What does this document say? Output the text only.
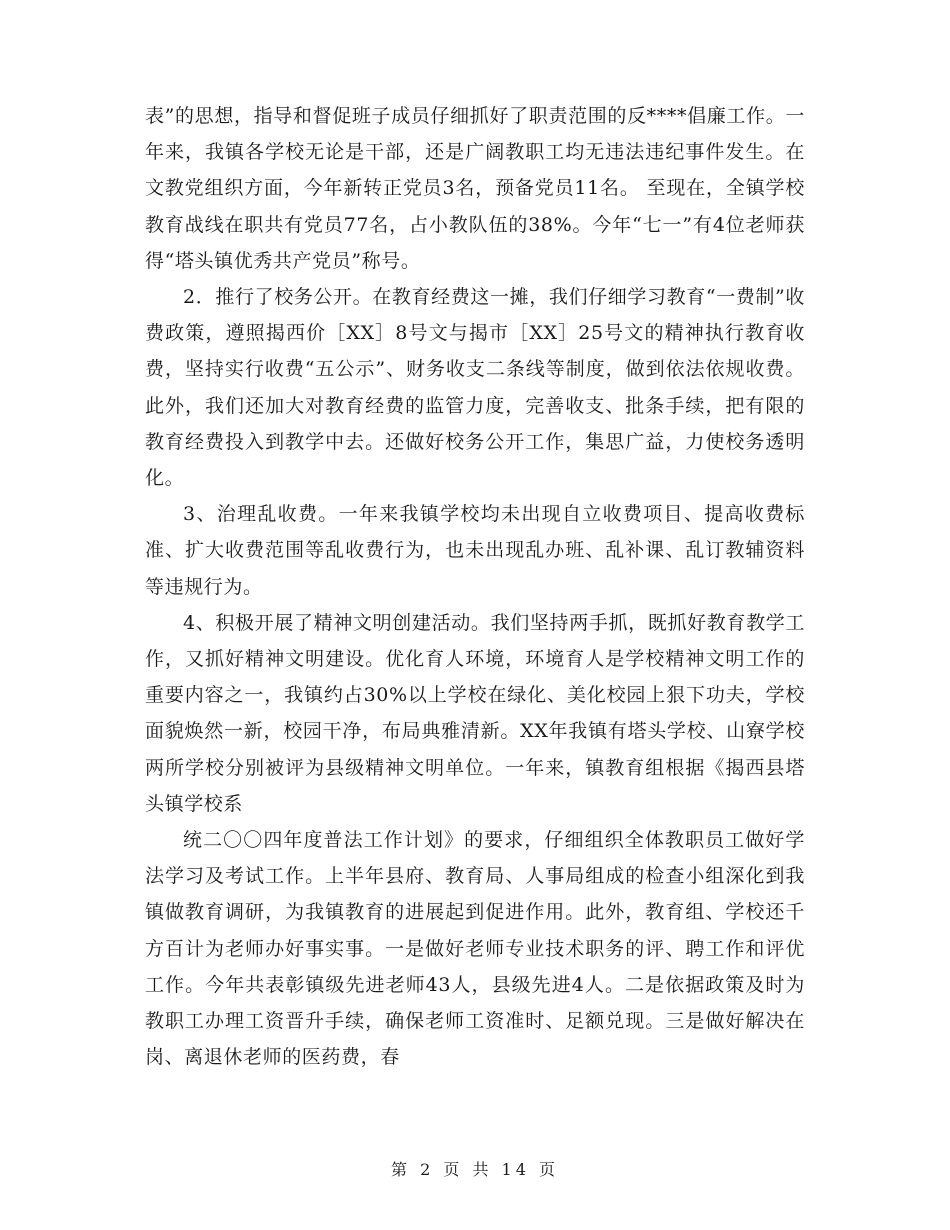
表”的思想，指导和督促班子成员仔细抓好了职责范围的反****倡廉工作。一年来，我镇各学校无论是干部，还是广阔教职工均无违法违纪事件发生。在文教党组织方面，今年新转正党员3名，预备党员11名。 至现在，全镇学校教育战线在职共有党员77名，占小教队伍的38%。今年“七一”有4位老师获得“塔头镇优秀共产党员”称号。

2．推行了校务公开。在教育经费这一摊，我们仔细学习教育“一费制”收费政策，遵照揭西价［XX］8号文与揭市［XX］25号文的精神执行教育收费，坚持实行收费“五公示”、财务收支二条线等制度，做到依法依规收费。此外，我们还加大对教育经费的监管力度，完善收支、批条手续，把有限的教育经费投入到教学中去。还做好校务公开工作，集思广益，力使校务透明化。

3、治理乱收费。一年来我镇学校均未出现自立收费项目、提高收费标准、扩大收费范围等乱收费行为，也未出现乱办班、乱补课、乱订教辅资料等违规行为。

4、积极开展了精神文明创建活动。我们坚持两手抓，既抓好教育教学工作，又抓好精神文明建设。优化育人环境，环境育人是学校精神文明工作的重要内容之一，我镇约占30%以上学校在绿化、美化校园上狠下功夫，学校面貌焕然一新，校园干净，布局典雅清新。XX年我镇有塔头学校、山寮学校两所学校分别被评为县级精神文明单位。一年来，镇教育组根据《揭西县塔头镇学校系

统二〇〇四年度普法工作计划》的要求，仔细组织全体教职员工做好学法学习及考试工作。上半年县府、教育局、人事局组成的检查小组深化到我镇做教育调研，为我镇教育的进展起到促进作用。此外，教育组、学校还千方百计为老师办好事实事。一是做好老师专业技术职务的评、聘工作和评优工作。今年共表彰镇级先进老师43人，县级先进4人。二是依据政策及时为教职工办理工资晋升手续，确保老师工资准时、足额兑现。三是做好解决在岗、离退休老师的医药费，春

第 2 页 共 14 页
